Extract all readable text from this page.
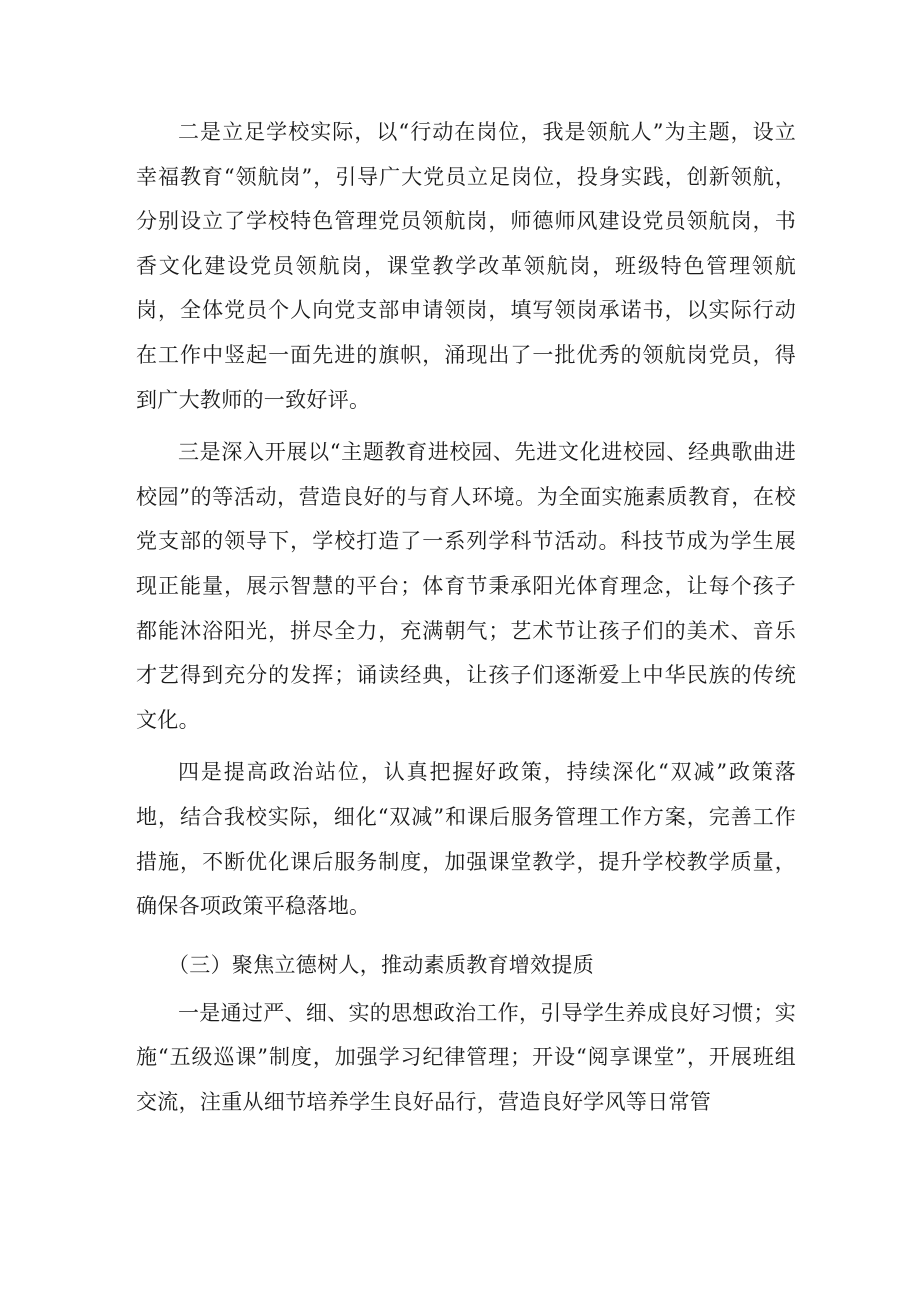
二是立足学校实际，以“行动在岗位，我是领航人”为主题，设立幸福教育“领航岗”，引导广大党员立足岗位，投身实践，创新领航，分别设立了学校特色管理党员领航岗，师德师风建设党员领航岗，书香文化建设党员领航岗，课堂教学改革领航岗，班级特色管理领航岗，全体党员个人向党支部申请领岗，填写领岗承诺书，以实际行动在工作中竖起一面先进的旗帜，涌现出了一批优秀的领航岗党员，得到广大教师的一致好评。

三是深入开展以“主题教育进校园、先进文化进校园、经典歌曲进校园”的等活动，营造良好的与育人环境。为全面实施素质教育，在校党支部的领导下，学校打造了一系列学科节活动。科技节成为学生展现正能量，展示智慧的平台；体育节秉承阳光体育理念，让每个孩子都能沐浴阳光，拼尽全力，充满朝气；艺术节让孩子们的美术、音乐才艺得到充分的发挥；诵读经典，让孩子们逐渐爱上中华民族的传统文化。

四是提高政治站位，认真把握好政策，持续深化“双减”政策落地，结合我校实际，细化“双减”和课后服务管理工作方案，完善工作措施，不断优化课后服务制度，加强课堂教学，提升学校教学质量，确保各项政策平稳落地。

（三）聚焦立德树人，推动素质教育增效提质

一是通过严、细、实的思想政治工作，引导学生养成良好习惯；实施“五级巡课”制度，加强学习纪律管理；开设“阅享课堂”，开展班组交流，注重从细节培养学生良好品行，营造良好学风等日常管
